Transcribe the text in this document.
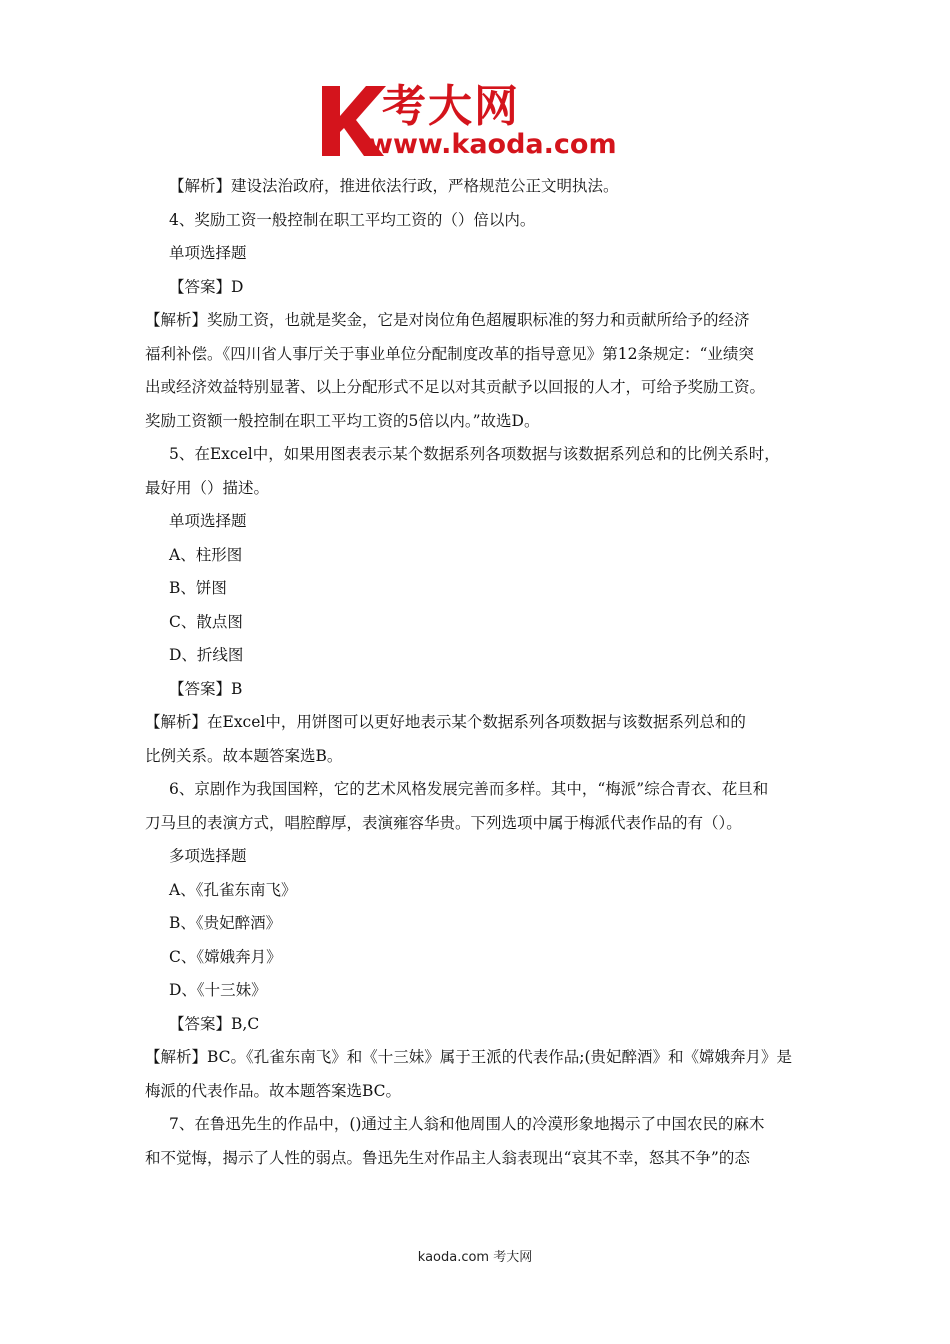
考大网
www.kaoda.com

【解析】建设法治政府，推进依法行政，严格规范公正文明执法。

4、奖励工资一般控制在职工平均工资的（）倍以内。

单项选择题

【答案】D

【解析】奖励工资，也就是奖金，它是对岗位角色超履职标准的努力和贡献所给予的经济

福利补偿。《四川省人事厅关于事业单位分配制度改革的指导意见》第12条规定：“业绩突

出或经济效益特别显著、以上分配形式不足以对其贡献予以回报的人才，可给予奖励工资。

奖励工资额一般控制在职工平均工资的5倍以内。”故选D。

5、在Excel中，如果用图表表示某个数据系列各项数据与该数据系列总和的比例关系时，

最好用（）描述。

单项选择题

A、柱形图

B、饼图

C、散点图

D、折线图

【答案】B

【解析】在Excel中，用饼图可以更好地表示某个数据系列各项数据与该数据系列总和的

比例关系。故本题答案选B。

6、京剧作为我国国粹，它的艺术风格发展完善而多样。其中，“梅派”综合青衣、花旦和

刀马旦的表演方式，唱腔醇厚，表演雍容华贵。下列选项中属于梅派代表作品的有（）。

多项选择题

A、《孔雀东南飞》

B、《贵妃醉酒》

C、《嫦娥奔月》

D、《十三妹》

【答案】B,C

【解析】BC。《孔雀东南飞》和《十三妹》属于王派的代表作品;(贵妃醉酒》和《嫦娥奔月》是

梅派的代表作品。故本题答案选BC。

7、在鲁迅先生的作品中，()通过主人翁和他周围人的冷漠形象地揭示了中国农民的麻木

和不觉悔，揭示了人性的弱点。鲁迅先生对作品主人翁表现出“哀其不幸，怒其不争”的态

kaoda.com 考大网
